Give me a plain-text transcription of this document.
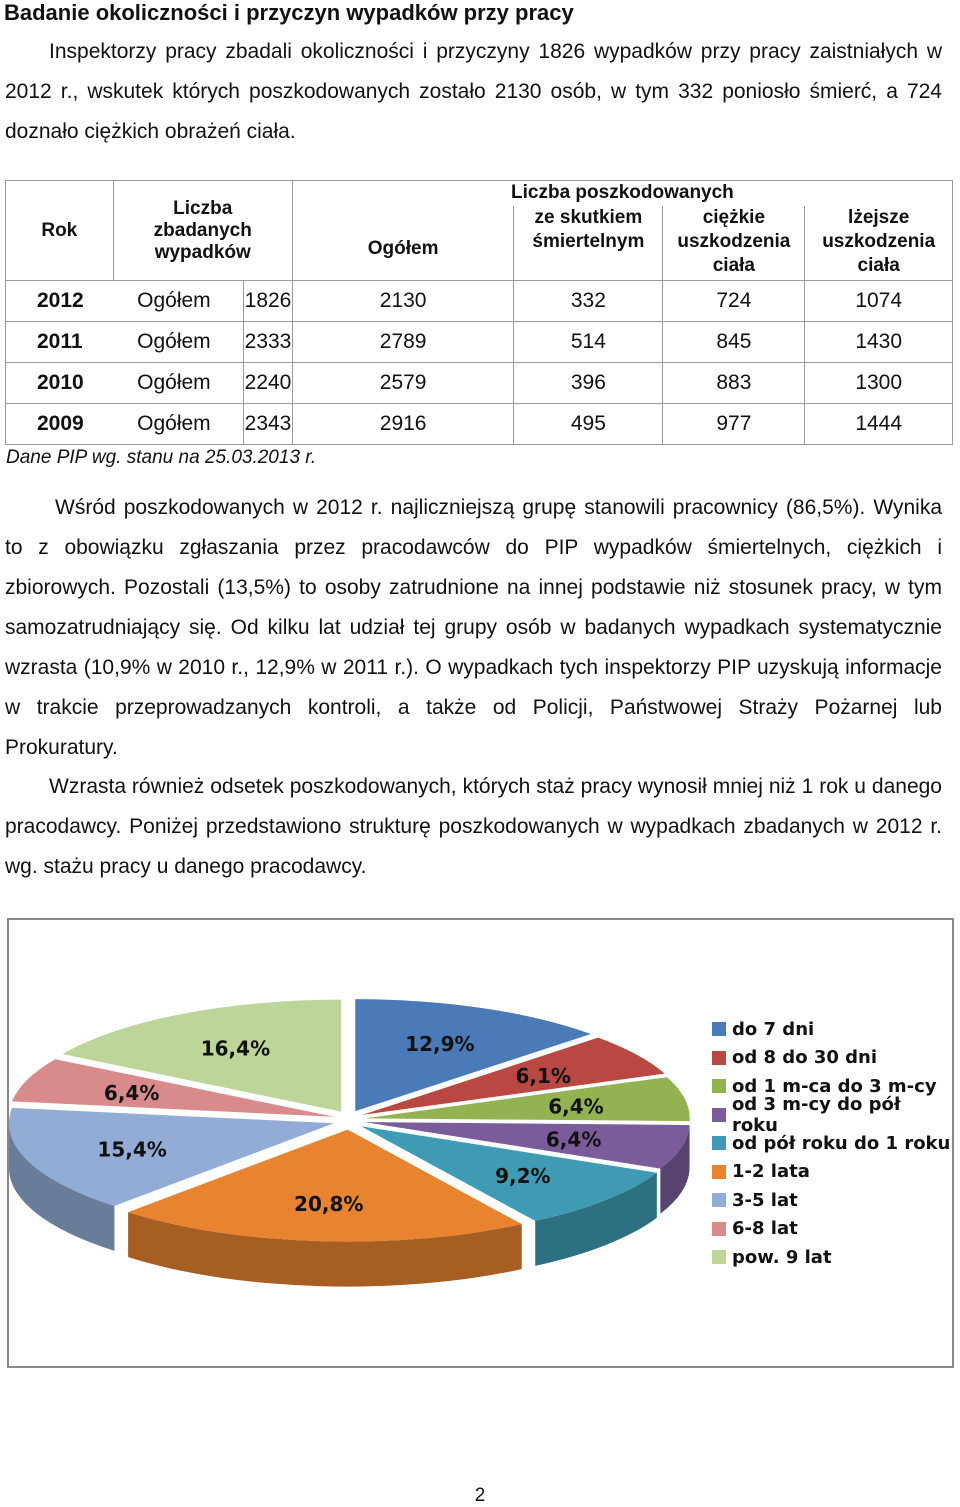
Badanie okoliczności i przyczyn wypadków przy pracy
Inspektorzy pracy zbadali okoliczności i przyczyny 1826 wypadków przy pracy zaistniałych w 2012 r., wskutek których poszkodowanych zostało 2130 osób, w tym 332 poniosło śmierć, a 724 doznało ciężkich obrażeń ciała.
Rok	Liczba zbadanych wypadków		Liczba poszkodowanych			
			Ogółem	ze skutkiem śmiertelnym	ciężkie uszkodzenia ciała	lżejsze uszkodzenia ciała

2012	Ogółem	1826	2130	332	724	1074
2011	Ogółem	2333	2789	514	845	1430
2010	Ogółem	2240	2579	396	883	1300
2009	Ogółem	2343	2916	495	977	1444
Dane PIP wg. stanu na 25.03.2013 r.
Wśród poszkodowanych w 2012 r. najliczniejszą grupę stanowili pracownicy (86,5%). Wynika to z obowiązku zgłaszania przez pracodawców do PIP wypadków śmiertelnych, ciężkich i zbiorowych. Pozostali (13,5%) to osoby zatrudnione na innej podstawie niż stosunek pracy, w tym samozatrudniający się. Od kilku lat udział tej grupy osób w badanych wypadkach systematycznie wzrasta (10,9% w 2010 r., 12,9% w 2011 r.). O wypadkach tych inspektorzy PIP uzyskują informacje w trakcie przeprowadzanych kontroli, a także od Policji, Państwowej Straży Pożarnej lub Prokuratury.
Wzrasta również odsetek poszkodowanych, których staż pracy wynosił mniej niż 1 rok u danego pracodawcy. Poniżej przedstawiono strukturę poszkodowanych w wypadkach zbadanych w 2012 r. wg. stażu pracy u danego pracodawcy.
12,9%
6,1%
6,4%
6,4%
9,2%
20,8%
15,4%
6,4%
16,4%
do 7 dni
od 8 do 30 dni
od 1 m-ca do 3 m-cy
od 3 m-cy do pół roku
od pół roku do 1 roku
1-2 lata
3-5 lat
6-8 lat
pow. 9 lat
2
